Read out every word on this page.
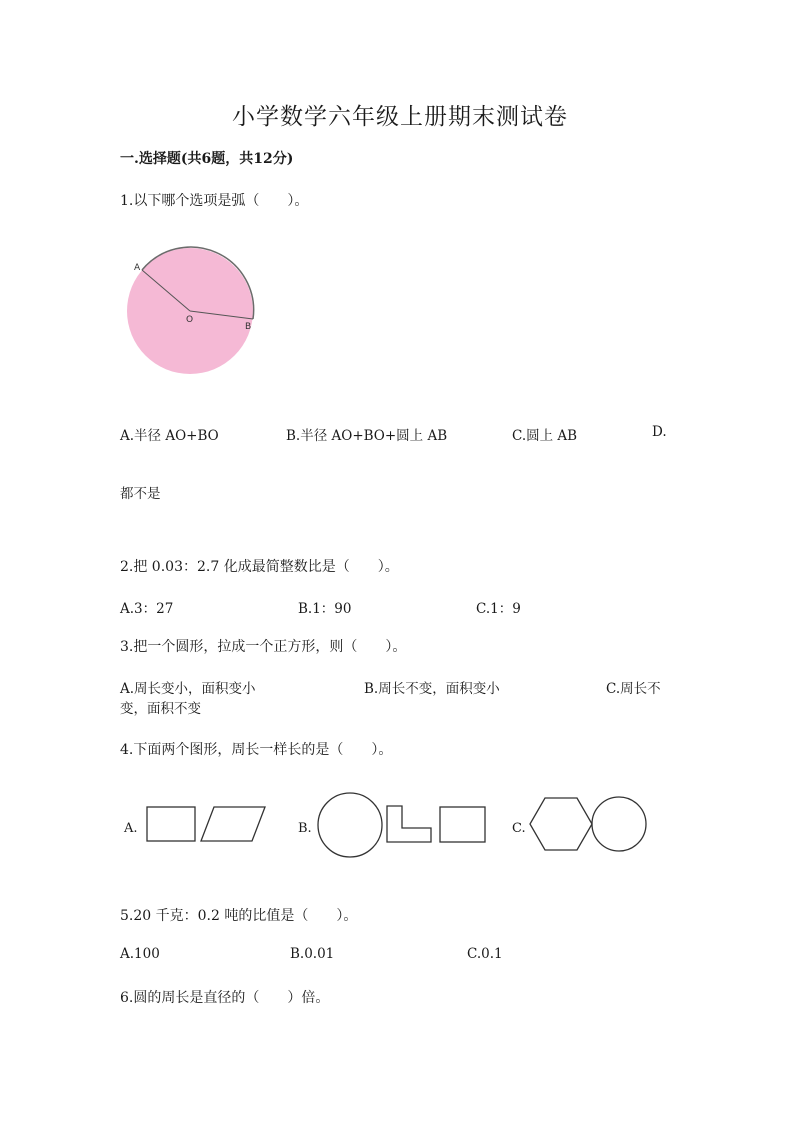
小学数学六年级上册期末测试卷
一.选择题(共6题，共12分)
1.以下哪个选项是弧（　　）。
A
O
B
A.半径 AO+BO	B.半径 AO+BO+圆上 AB	C.圆上 AB	D.
都不是
2.把 0.03：2.7 化成最简整数比是（　　）。
A.3：27	B.1：90	C.1：9
3.把一个圆形，拉成一个正方形，则（　　）。
A.周长变小，面积变小	B.周长不变，面积变小	C.周长不
变，面积不变
4.下面两个图形，周长一样长的是（　　）。
A.	B.	C.
5.20 千克：0.2 吨的比值是（　　）。
A.100	B.0.01	C.0.1
6.圆的周长是直径的（　　）倍。
